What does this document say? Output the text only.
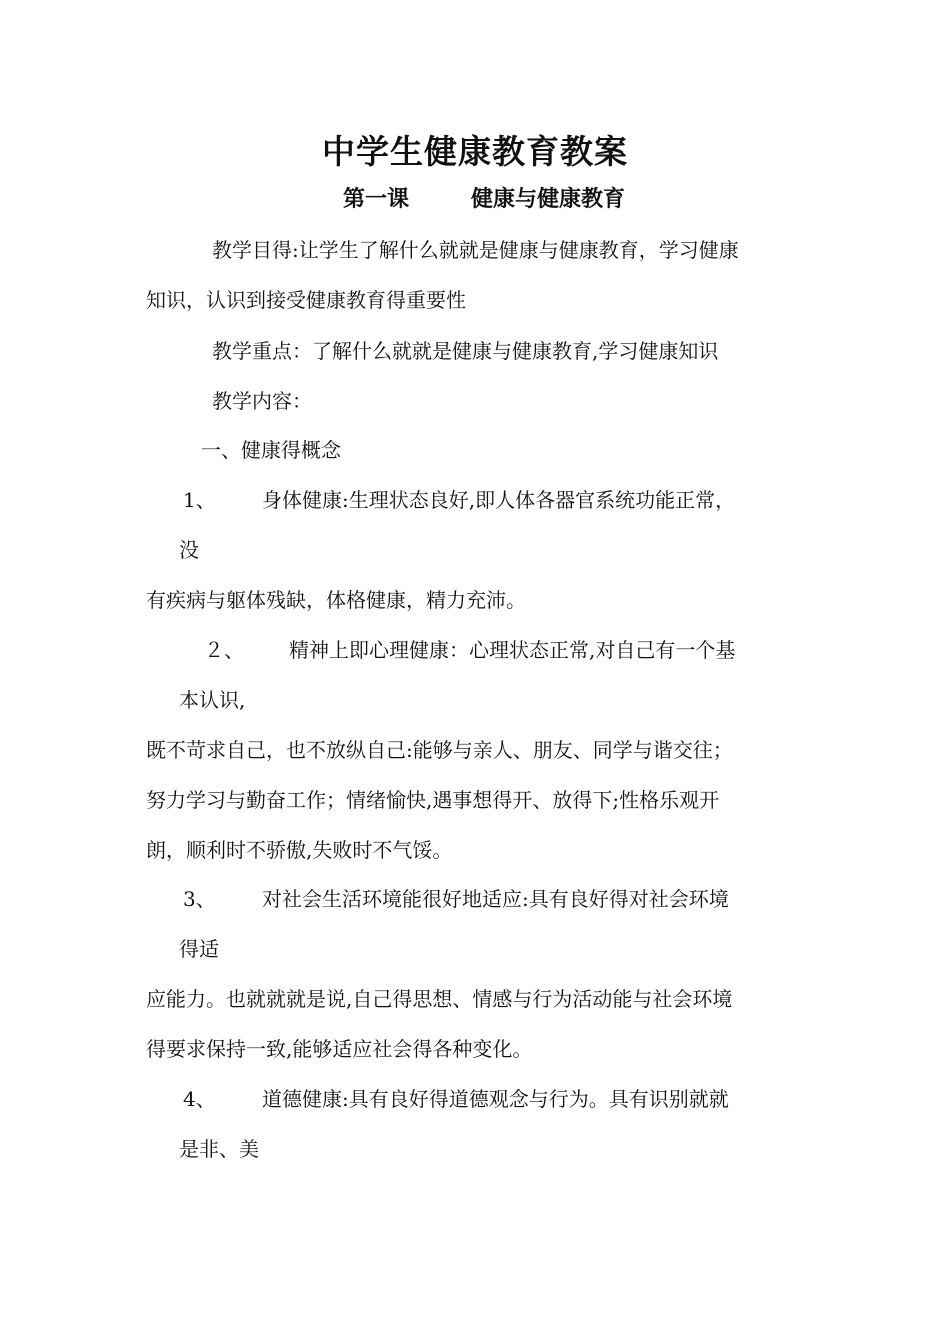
中学生健康教育教案
第一课	健康与健康教育
教学目得:让学生了解什么就就是健康与健康教育，学习健康
知识，认识到接受健康教育得重要性
教学重点：了解什么就就是健康与健康教育,学习健康知识
教学内容：
一、健康得概念
1、 身体健康:生理状态良好,即人体各器官系统功能正常，
没
有疾病与躯体残缺，体格健康，精力充沛。
２、 精神上即心理健康：心理状态正常,对自己有一个基
本认识,
既不苛求自己，也不放纵自己:能够与亲人、朋友、同学与谐交往；
努力学习与勤奋工作；情绪愉快,遇事想得开、放得下;性格乐观开
朗，顺利时不骄傲,失败时不气馁。
3、 对社会生活环境能很好地适应:具有良好得对社会环境
得适
应能力。也就就就是说,自己得思想、情感与行为活动能与社会环境
得要求保持一致,能够适应社会得各种变化。
4、 道德健康:具有良好得道德观念与行为。具有识别就就
是非、美
